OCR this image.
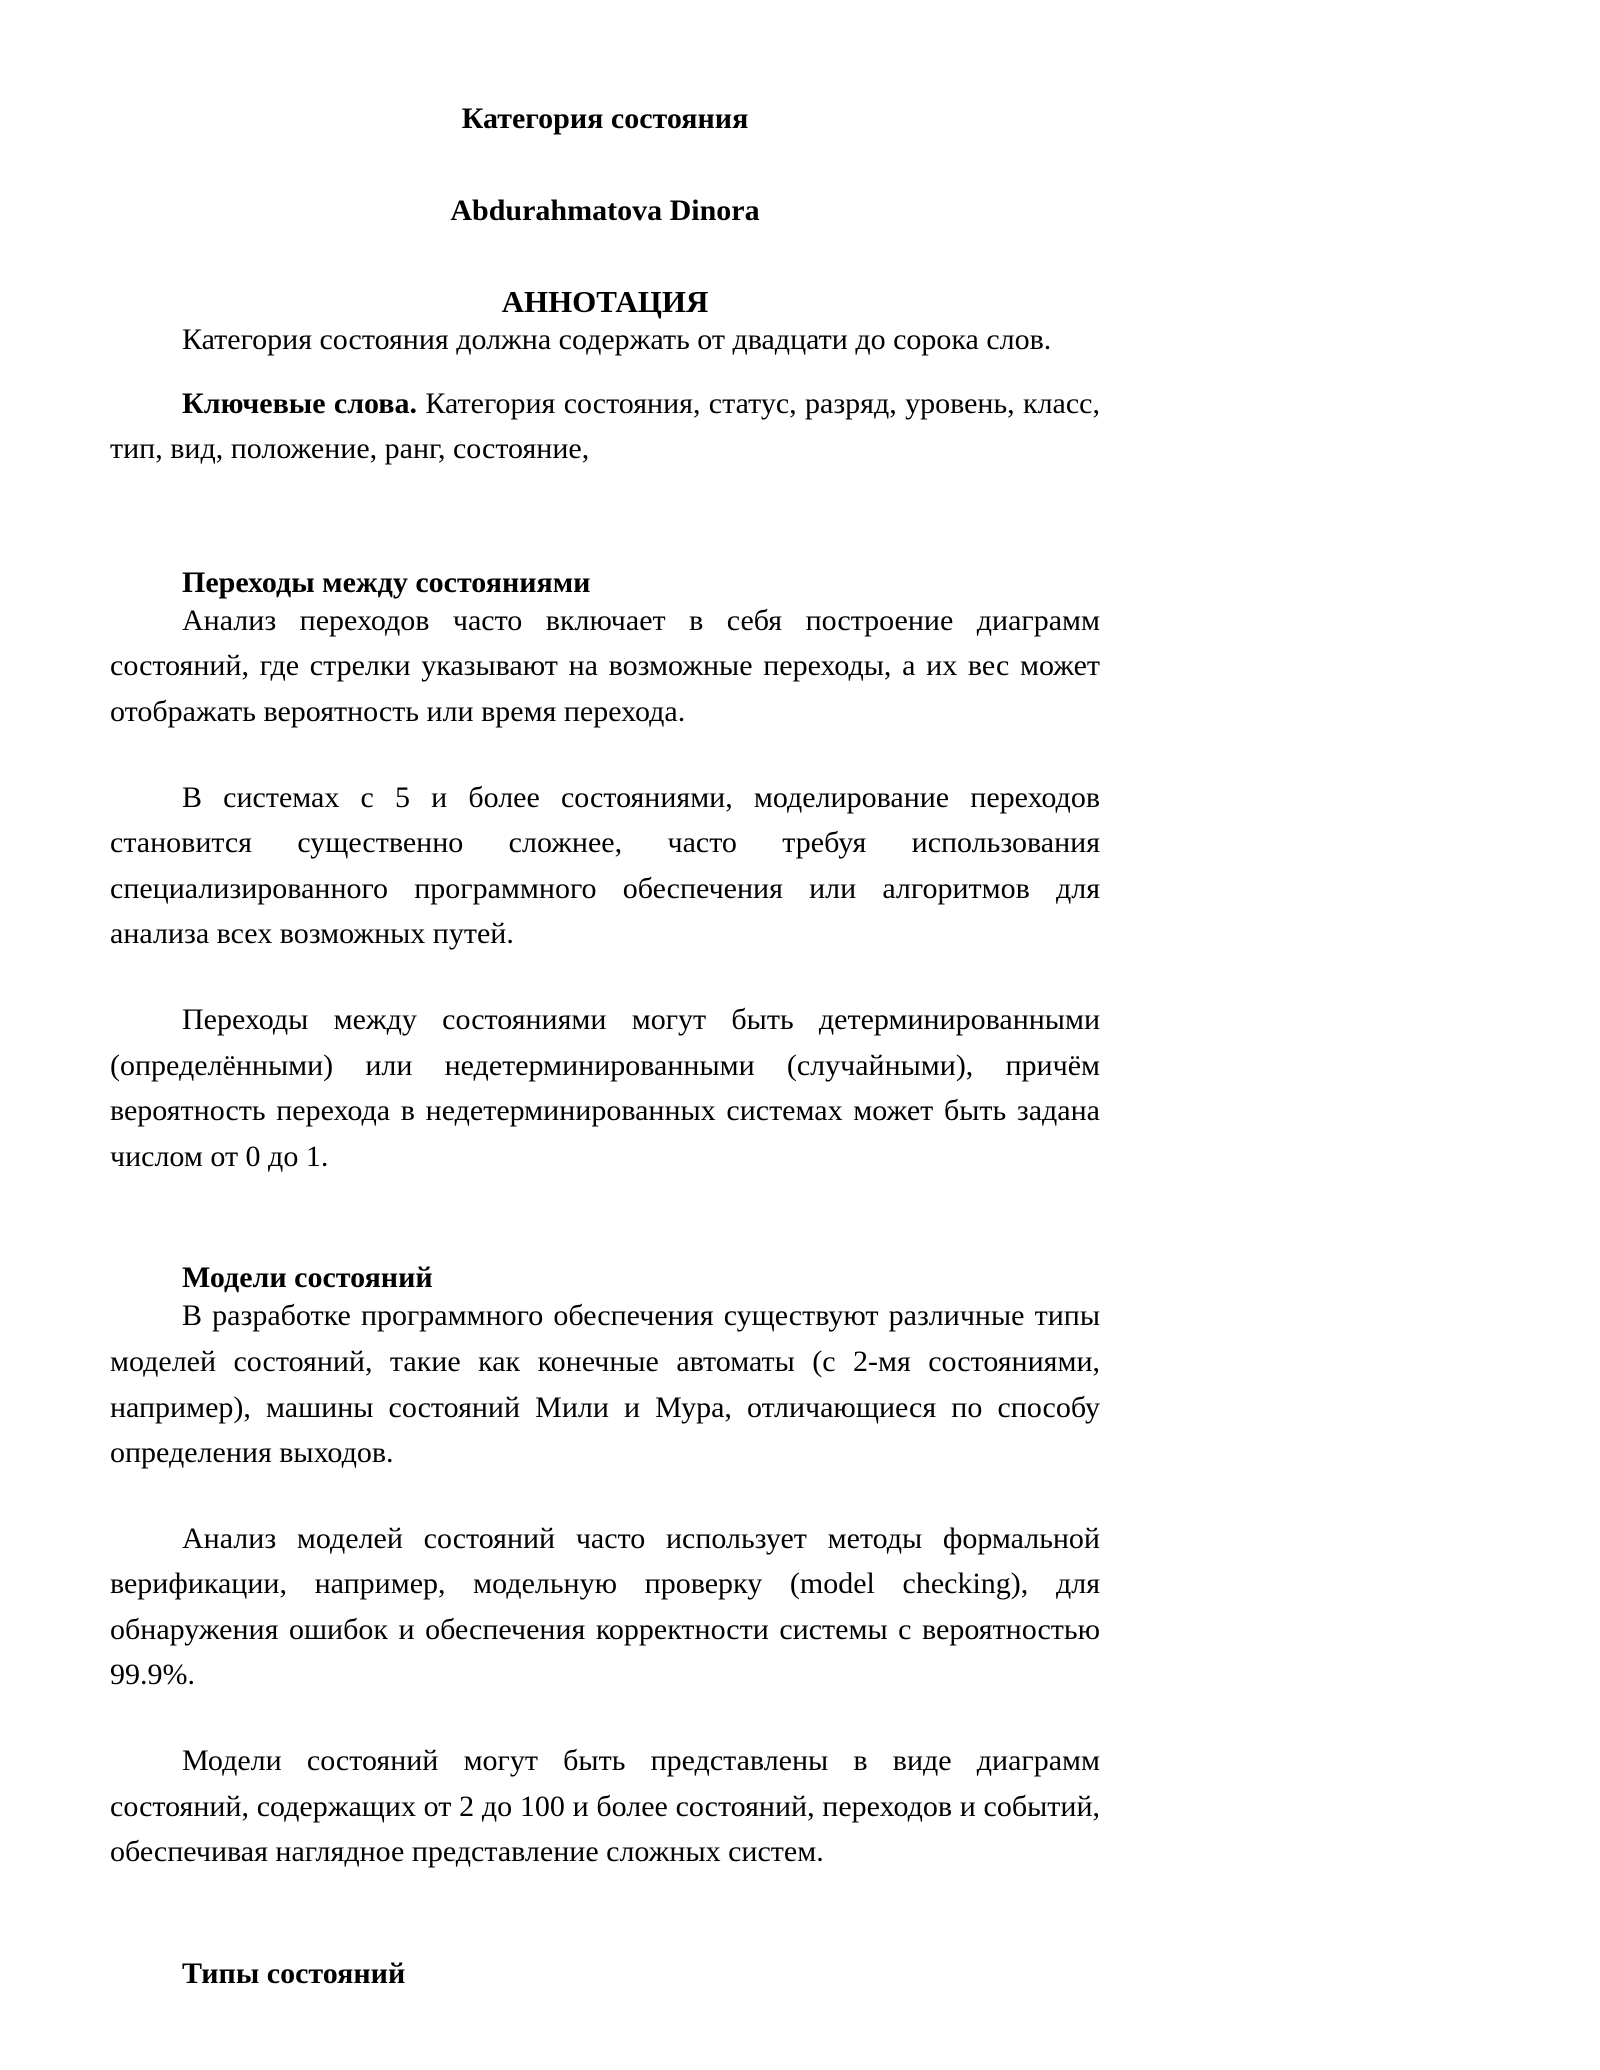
Категория состояния
Abdurahmatova Dinora
АННОТАЦИЯ

Категория состояния должна содержать от двадцати до сорока слов.

Ключевые слова. Категория состояния, статус, разряд, уровень, класс, тип, вид, положение, ранг, состояние,

Переходы между состояниями

Анализ переходов часто включает в себя построение диаграмм состояний, где стрелки указывают на возможные переходы, а их вес может отображать вероятность или время перехода.

В системах с 5 и более состояниями, моделирование переходов становится существенно сложнее, часто требуя использования специализированного программного обеспечения или алгоритмов для анализа всех возможных путей.

Переходы между состояниями могут быть детерминированными (определёнными) или недетерминированными (случайными), причём вероятность перехода в недетерминированных системах может быть задана числом от 0 до 1.

Модели состояний

В разработке программного обеспечения существуют различные типы моделей состояний, такие как конечные автоматы (с 2-мя состояниями, например), машины состояний Мили и Мура, отличающиеся по способу определения выходов.

Анализ моделей состояний часто использует методы формальной верификации, например, модельную проверку (model checking), для обнаружения ошибок и обеспечения корректности системы с вероятностью 99.9%.

Модели состояний могут быть представлены в виде диаграмм состояний, содержащих от 2 до 100 и более состояний, переходов и событий, обеспечивая наглядное представление сложных систем.

Типы состояний
